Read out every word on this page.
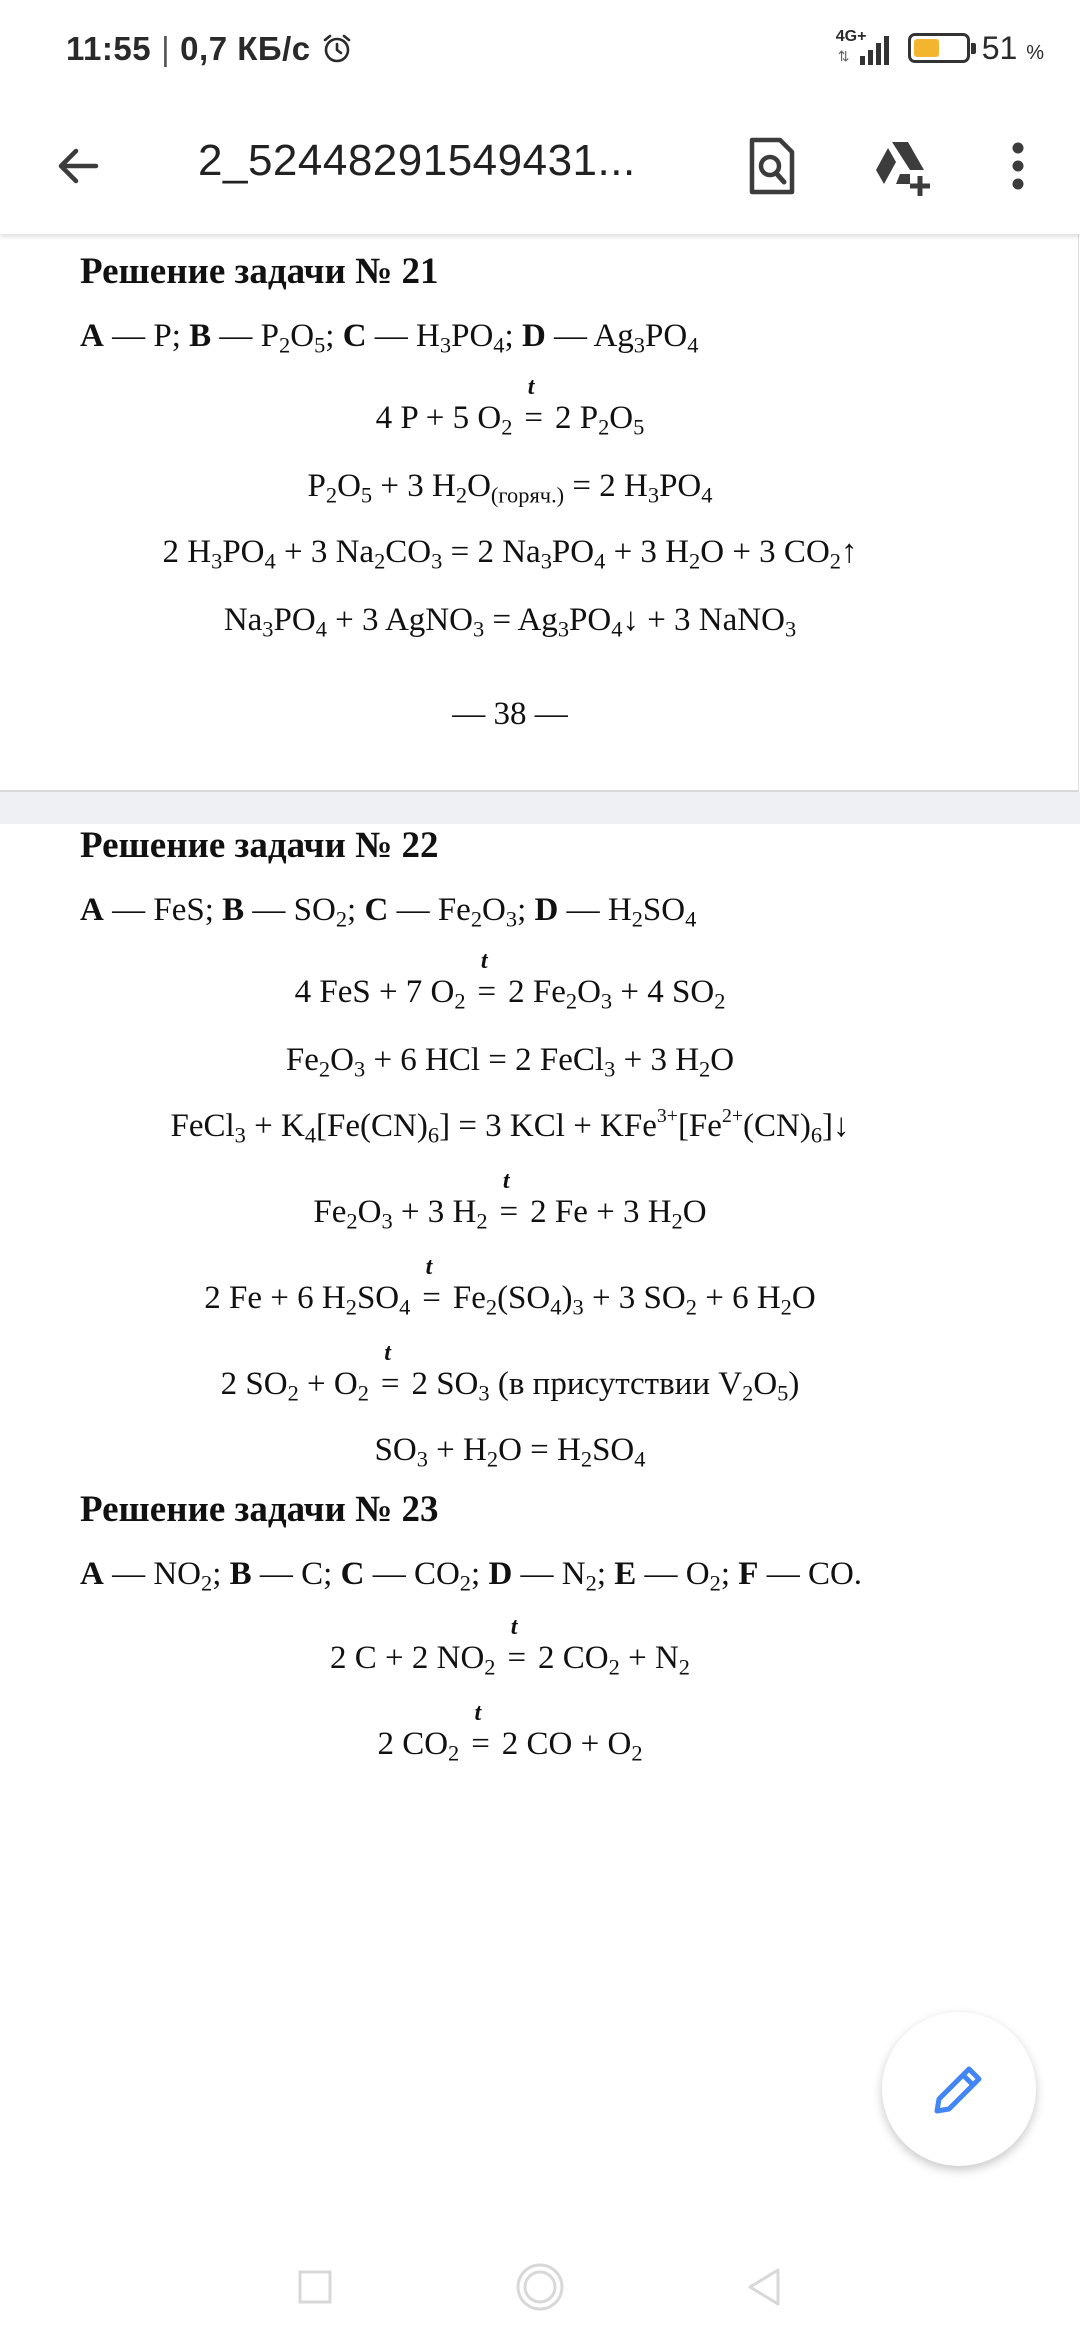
11:55 | 0,7 КБ/с	4G+
⇅	51 %
2_52448291549431...
Решение задачи № 21
A — P; B — $P_2O_5$; C — $H_3PO_4$; D — $Ag_3PO_4$
4 P + 5 $O_2$ t = 2 $P_2O_5$
$P_2O_5 + 3$ $H_2O_{(горяч.)} = 2$ $H_3PO_4$
2 $H_3PO_4 + 3$ $Na_2CO_3 = 2$ $Na_3PO_4 + 3$ $H_2O + 3$ $CO_2↑$
$Na_3PO_4 + 3$ AgNO$_3$ = $Ag_3PO_4↓ + 3$ NaNO$_3$
— 38 —
Решение задачи № 22
A — FeS; B — $SO_2$; C — $Fe_2O_3$; D — $H_2SO_4$
4 FeS + 7 $O_2$ t = 2 $Fe_2O_3 + 4$ $SO_2$
$Fe_2O_3 + 6$ HCl = 2 FeCl$_3$ + 3 $H_2O$
FeCl$_3$ + $K_4[Fe(CN)_6] = 3$ KCl + $KFe^{3+}[Fe^{2+}(CN)_6]↓$
$Fe_2O_3 + 3$ $H_2$ t = 2 Fe + 3 $H_2O$
2 Fe + 6 $H_2SO_4$ $t = Fe_2(SO_4)_3 + 3$ $SO_2 + 6$ $H_2O$
2 $SO_2 + O_2$ t = 2 $SO_3$ (в присутствии $V_2O_5$)
$SO_3 + H_2O = H_2SO_4$
Решение задачи № 23
A — $NO_2$; B — C; C — $CO_2$; D — $N_2$; E — $O_2$; F — CO.
2 C + 2 $NO_2$ t = 2 $CO_2 + N_2$
2 $CO_2$ t = 2 CO + $O_2$
